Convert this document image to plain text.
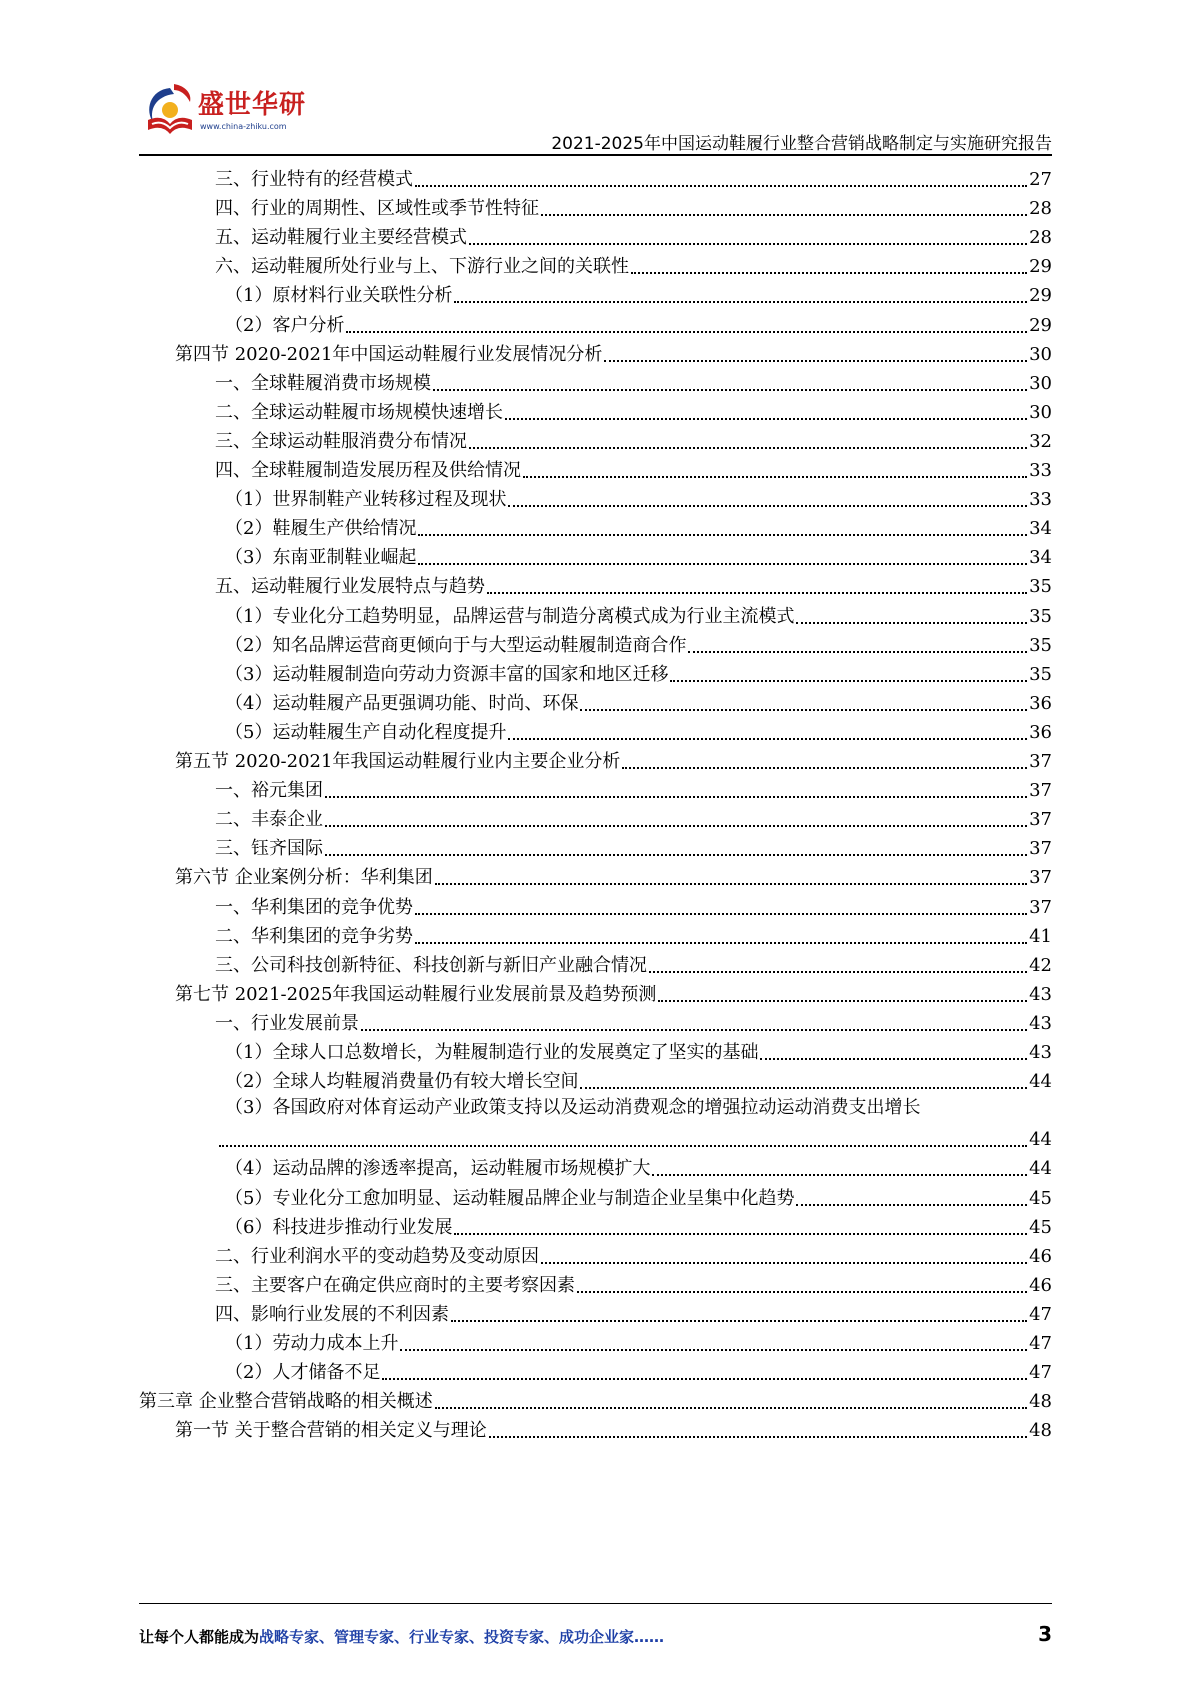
盛世华研
www.china-zhiku.com
2021-2025年中国运动鞋履行业整合营销战略制定与实施研究报告
三、行业特有的经营模式	27
四、行业的周期性、区域性或季节性特征	28
五、运动鞋履行业主要经营模式	28
六、运动鞋履所处行业与上、下游行业之间的关联性	29
（1）原材料行业关联性分析	29
（2）客户分析	29
第四节 2020-2021年中国运动鞋履行业发展情况分析	30
一、全球鞋履消费市场规模	30
二、全球运动鞋履市场规模快速增长	30
三、全球运动鞋服消费分布情况	32
四、全球鞋履制造发展历程及供给情况	33
（1）世界制鞋产业转移过程及现状	33
（2）鞋履生产供给情况	34
（3）东南亚制鞋业崛起	34
五、运动鞋履行业发展特点与趋势	35
（1）专业化分工趋势明显，品牌运营与制造分离模式成为行业主流模式	35
（2）知名品牌运营商更倾向于与大型运动鞋履制造商合作	35
（3）运动鞋履制造向劳动力资源丰富的国家和地区迁移	35
（4）运动鞋履产品更强调功能、时尚、环保	36
（5）运动鞋履生产自动化程度提升	36
第五节 2020-2021年我国运动鞋履行业内主要企业分析	37
一、裕元集团	37
二、丰泰企业	37
三、钰齐国际	37
第六节 企业案例分析：华利集团	37
一、华利集团的竞争优势	37
二、华利集团的竞争劣势	41
三、公司科技创新特征、科技创新与新旧产业融合情况	42
第七节 2021-2025年我国运动鞋履行业发展前景及趋势预测	43
一、行业发展前景	43
（1）全球人口总数增长，为鞋履制造行业的发展奠定了坚实的基础	43
（2）全球人均鞋履消费量仍有较大增长空间	44
（3）各国政府对体育运动产业政策支持以及运动消费观念的增强拉动运动消费支出增长
44
（4）运动品牌的渗透率提高，运动鞋履市场规模扩大	44
（5）专业化分工愈加明显、运动鞋履品牌企业与制造企业呈集中化趋势	45
（6）科技进步推动行业发展	45
二、行业利润水平的变动趋势及变动原因	46
三、主要客户在确定供应商时的主要考察因素	46
四、影响行业发展的不利因素	47
（1）劳动力成本上升	47
（2）人才储备不足	47
第三章 企业整合营销战略的相关概述	48
第一节 关于整合营销的相关定义与理论	48
让每个人都能成为战略专家、管理专家、行业专家、投资专家、成功企业家……	3
